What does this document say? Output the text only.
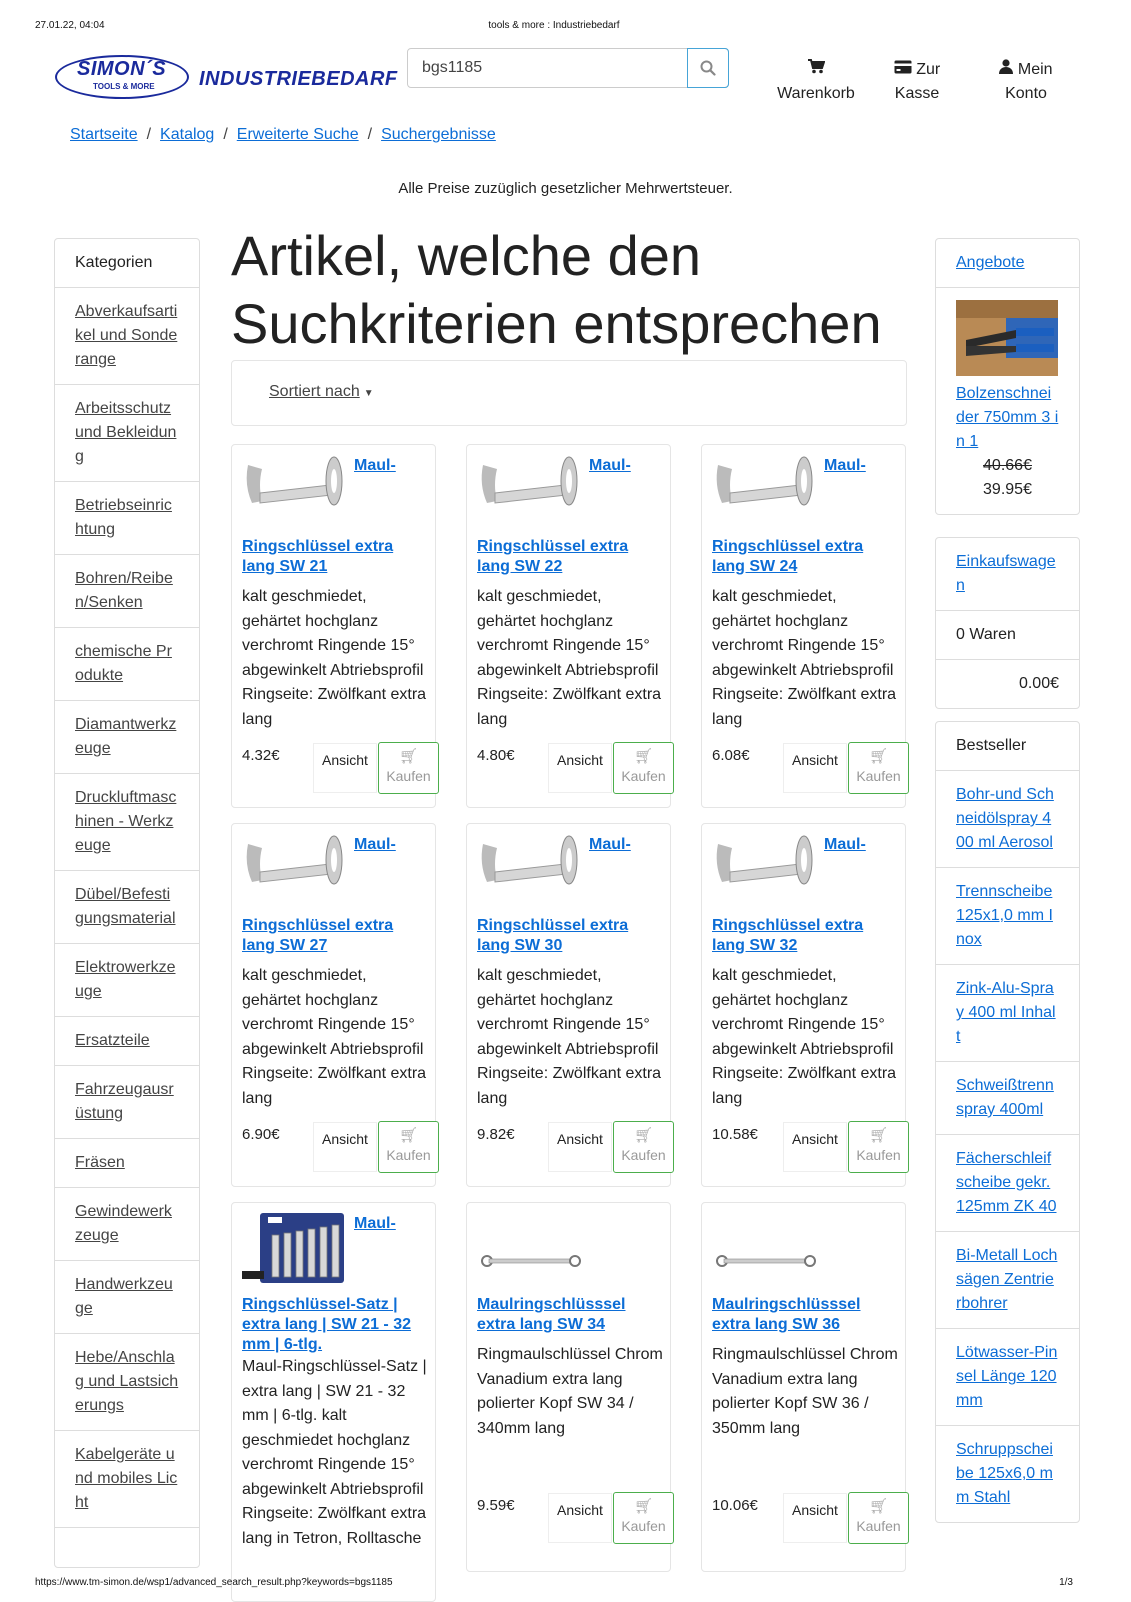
27.01.22, 04:04	tools & more : Industriebedarf
SIMON´S
TOOLS & MORE INDUSTRIEBEDARF
bgs1185

Warenkorb
Zur
Kasse
Mein
Konto
Startseite / Katalog / Erweiterte Suche / Suchergebnisse
Alle Preise zuzüglich gesetzlicher Mehrwertsteuer.
Kategorien
Abverkaufsartikel und Sonderange
Arbeitsschutz und Bekleidung
Betriebseinrichtung
Bohren/Reiben/Senken
chemische Produkte
Diamantwerkzeuge
Druckluftmaschinen - Werkzeuge
Dübel/Befestigungsmaterial
Elektrowerkzeuge
Ersatzteile
Fahrzeugausrüstung
Fräsen
Gewindewerkzeuge
Handwerkzeuge
Hebe/Anschlag und Lastsicherungs
Kabelgeräte und mobiles Licht
Artikel, welche den Suchkriterien entsprechen
Sortiert nach ▼
Maul-
Ringschlüssel extra lang SW 21
kalt geschmiedet, gehärtet hochglanz verchromt Ringende 15° abgewinkelt Abtriebsprofil Ringseite: Zwölfkant extra lang
4.32€	Ansicht	🛒︎
Kaufen
Maul-
Ringschlüssel extra lang SW 22
kalt geschmiedet, gehärtet hochglanz verchromt Ringende 15° abgewinkelt Abtriebsprofil Ringseite: Zwölfkant extra lang
4.80€	Ansicht	🛒︎
Kaufen
Maul-
Ringschlüssel extra lang SW 24
kalt geschmiedet, gehärtet hochglanz verchromt Ringende 15° abgewinkelt Abtriebsprofil Ringseite: Zwölfkant extra lang
6.08€	Ansicht	🛒︎
Kaufen
Maul-
Ringschlüssel extra lang SW 27
kalt geschmiedet, gehärtet hochglanz verchromt Ringende 15° abgewinkelt Abtriebsprofil Ringseite: Zwölfkant extra lang
6.90€	Ansicht	🛒︎
Kaufen
Maul-
Ringschlüssel extra lang SW 30
kalt geschmiedet, gehärtet hochglanz verchromt Ringende 15° abgewinkelt Abtriebsprofil Ringseite: Zwölfkant extra lang
9.82€	Ansicht	🛒︎
Kaufen
Maul-
Ringschlüssel extra lang SW 32
kalt geschmiedet, gehärtet hochglanz verchromt Ringende 15° abgewinkelt Abtriebsprofil Ringseite: Zwölfkant extra lang
10.58€ Ansicht	🛒︎
Kaufen
Maul-
Ringschlüssel-Satz | extra lang | SW 21 - 32 mm | 6-tlg.
Maul-Ringschlüssel-Satz | extra lang | SW 21 - 32 mm | 6-tlg. kalt geschmiedet hochglanz verchromt Ringende 15° abgewinkelt Abtriebsprofil Ringseite: Zwölfkant extra lang in Tetron, Rolltasche
Maulringschlüsssel extra lang SW 34
Ringmaulschlüssel Chrom Vanadium extra lang polierter Kopf SW 34 / 340mm lang
9.59€	Ansicht	🛒︎
Kaufen
Maulringschlüsssel extra lang SW 36
Ringmaulschlüssel Chrom Vanadium extra lang polierter Kopf SW 36 / 350mm lang
10.06€ Ansicht	🛒︎
Kaufen
Angebote
Bolzenschneider 750mm 3 in 1

40.66€
39.95€
Einkaufswagen
0 Waren
0.00€
Bestseller
Bohr-und Schneidölspray 400 ml Aerosol
Trennscheibe 125x1,0 mm Inox
Zink-Alu-Spray 400 ml Inhalt
Schweißtrennspray 400ml
Fächerschleifscheibe gekr. 125mm ZK 40
Bi-Metall Lochsägen Zentrierbohrer
Lötwasser-Pinsel Länge 120 mm
Schruppscheibe 125x6,0 mm Stahl
https://www.tm-simon.de/wsp1/advanced_search_result.php?keywords=bgs1185	1/3
